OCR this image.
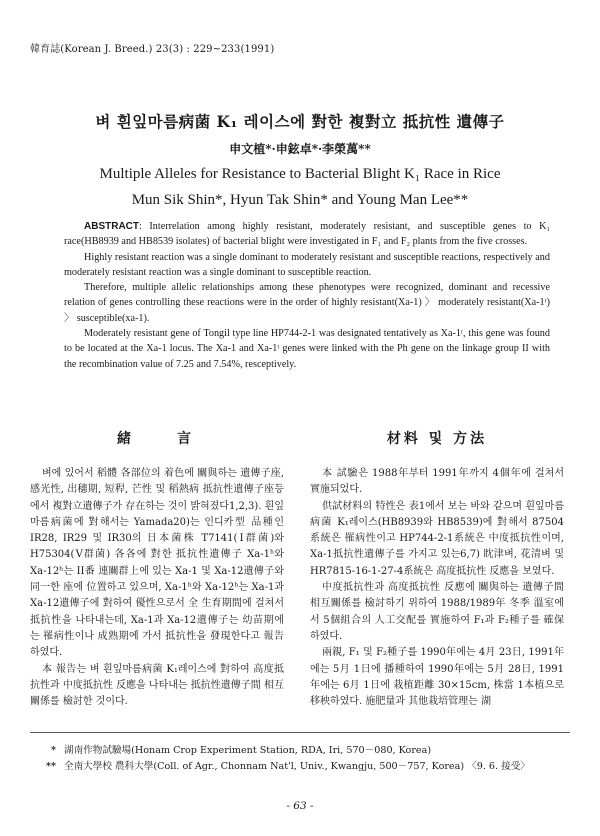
韓育誌(Korean J. Breed.) 23(3) : 229~233(1991)
벼 흰잎마름病菌 K₁ 레이스에 對한 複對立 抵抗性 遺傳子
申文植*·申鉉卓*·李榮萬**
Multiple Alleles for Resistance to Bacterial Blight K₁ Race in Rice
Mun Sik Shin*, Hyun Tak Shin* and Young Man Lee**

ABSTRACT: Interrelation among highly resistant, moderately resistant, and susceptible genes to K₁ race(HB8939 and HB8539 isolates) of bacterial blight were investigated in F₁ and F₂ plants from the five crosses.

Highly resistant reaction was a single dominant to moderately resistant and susceptible reactions, respectively and moderately resistant reaction was a single dominant to susceptible reaction.

Therefore, multiple allelic relationships among these phenotypes were recognized, dominant and recessive relation of genes controlling these reactions were in the order of highly resistant(Xa-1) 〉 moderately resistant(Xa-1ᵗ) 〉 susceptible(xa-1).

Moderately resistant gene of Tongil type line HP744-2-1 was designated tentatively as Xa-1ᵗ, this gene was found to be located at the Xa-1 locus. The Xa-1 and Xa-1ᵗ genes were linked with the Ph gene on the linkage group II with the recombination value of 7.25 and 7.54%, resceptively.

緒　　言

벼에 있어서 稻體 各部位의 着色에 關與하는 遺傳子座, 感光性, 出穗期, 短稈, 芒性 및 稻熱病 抵抗性遺傳子座등에서 複對立遺傳子가 存在하는 것이 밝혀졌다1,2,3). 흰잎마름病菌에 對해서는 Yamada20)는 인디카型 品種인 IR28, IR29 및 IR30의 日本菌株 T7141(Ⅰ群菌)와 H75304(Ⅴ群菌) 各各에 對한 抵抗性遺傳子 Xa-1ʰ와 Xa-12ʰ는 II番 連關群上에 있는 Xa-1 및 Xa-12遺傳子와 同一한 座에 位置하고 있으며, Xa-1ʰ와 Xa-12ʰ는 Xa-1과 Xa-12遺傳子에 對하여 優性으로서 全 生育期間에 걸쳐서 抵抗性을 나타내는데, Xa-1과 Xa-12遺傳子는 幼苗期에는 罹病性이나 成熟期에 가서 抵抗性을 發現한다고 報告하였다.

本 報告는 벼 흰잎마름病菌 K₁레이스에 對하여 高度抵抗性과 中度抵抗性 反應을 나타내는 抵抗性遺傳子間 相互關係를 檢討한 것이다.

材料 및 方法

本 試驗은 1988年부터 1991年까지 4個年에 걸쳐서 實施되었다.

供試材料의 特性은 表1에서 보는 바와 같으며 흰잎마름病菌 K₁레이스(HB8939와 HB8539)에 對해서 87504系統은 罹病性이고 HP744-2-1系統은 中度抵抗性이며, Xa-1抵抗性遺傳子를 가지고 있는6,7) 眈津벼, 花清벼 및 HR7815-16-1-27-4系統은 高度抵抗性 反應을 보였다.

中度抵抗性과 高度抵抗性 反應에 關與하는 遺傳子間 相互關係를 檢討하기 위하여 1988/1989年 冬季 溫室에서 5個組合의 人工交配를 實施하여 F₁과 F₂種子를 確保하였다.

兩親, F₁ 및 F₂種子를 1990年에는 4月 23日, 1991年에는 5月 1日에 播種하여 1990年에는 5月 28日, 1991年에는 6月 1日에 栽植距離 30×15cm, 株當 1本植으로 移秧하였다. 施肥量과 其他栽培管理는 湖

* 湖南作物試驗場(Honam Crop Experiment Station, RDA, Iri, 570－080, Korea)
** 全南大學校 農科大學(Coll. of Agr., Chonnam Nat'l, Univ., Kwangju, 500－757, Korea) 〈9. 6. 接受〉
- 63 -
